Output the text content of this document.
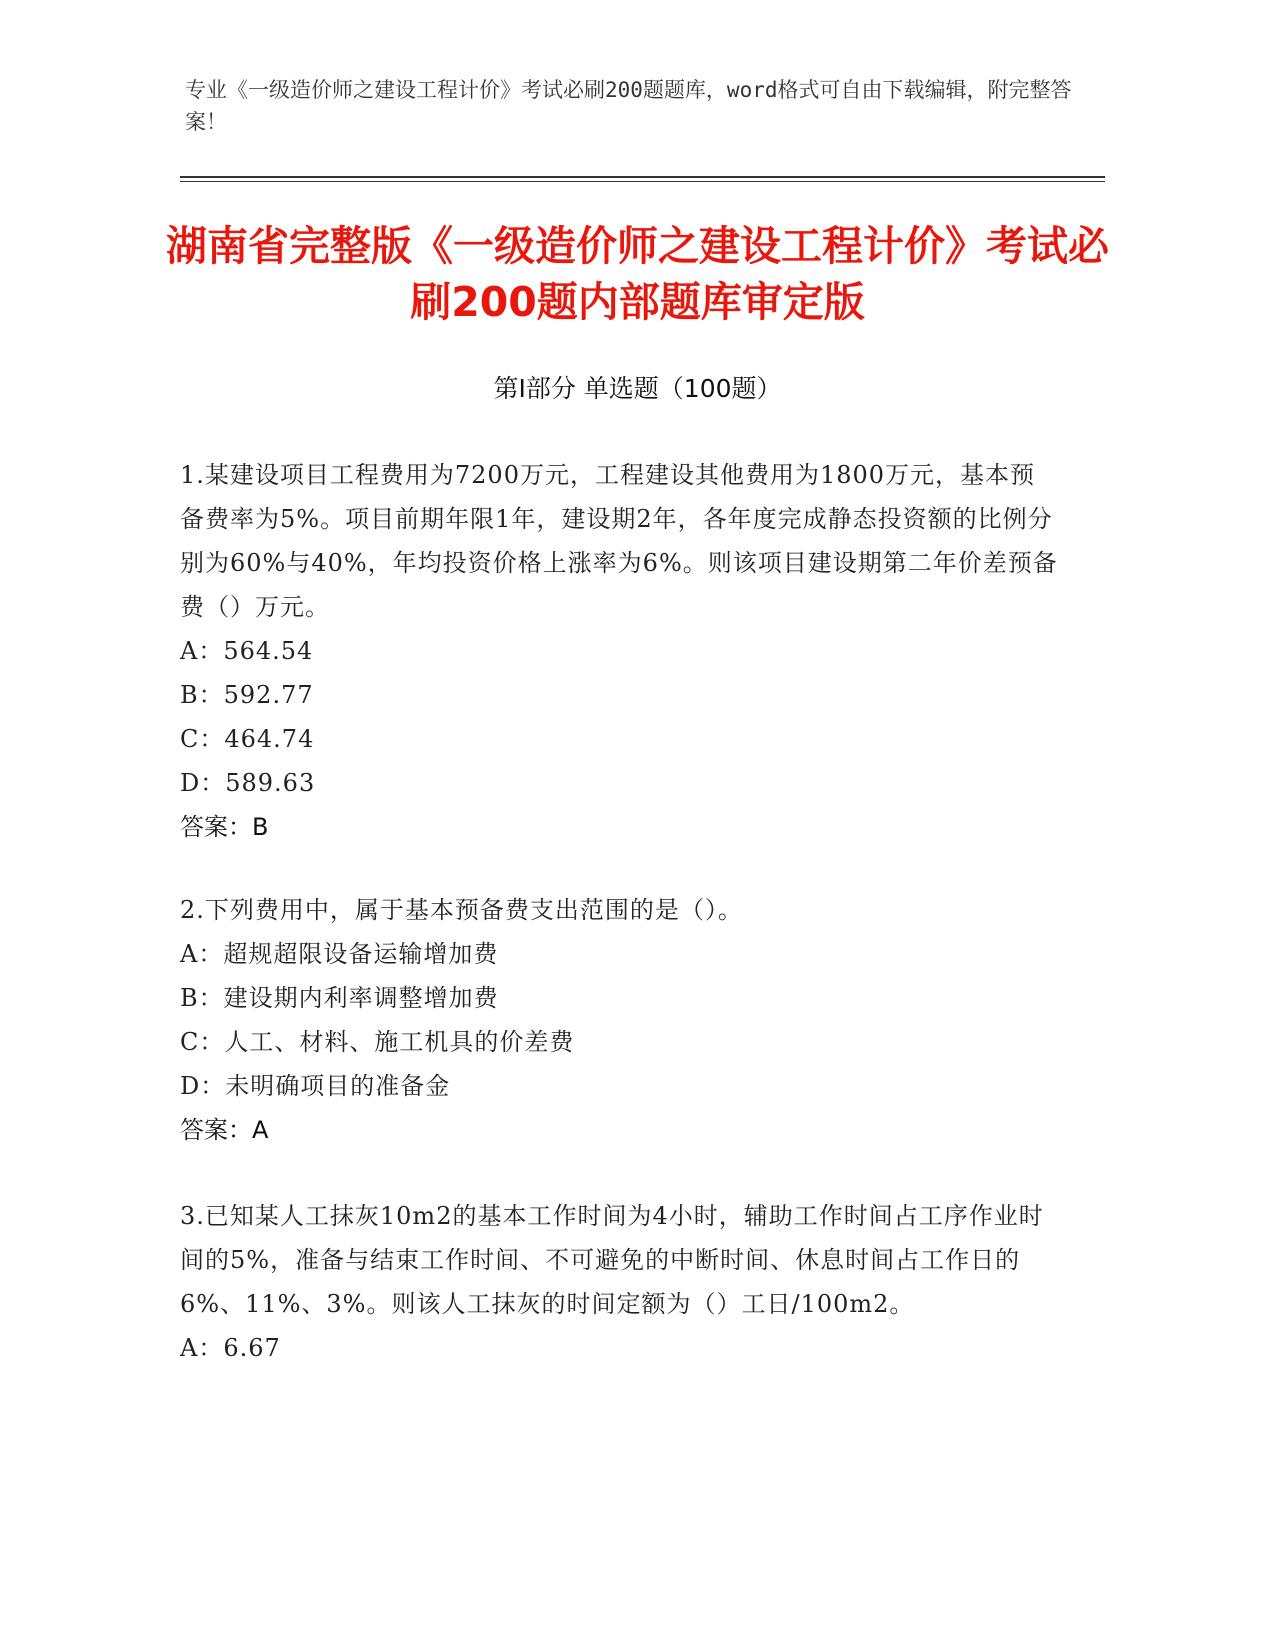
专业《一级造价师之建设工程计价》考试必刷200题题库，word格式可自由下载编辑，附完整答案！
湖南省完整版《一级造价师之建设工程计价》考试必刷200题内部题库审定版
第Ⅰ部分 单选题（100题）
1.某建设项目工程费用为7200万元，工程建设其他费用为1800万元，基本预备费率为5%。项目前期年限1年，建设期2年，各年度完成静态投资额的比例分别为60%与40%，年均投资价格上涨率为6%。则该项目建设期第二年价差预备费（）万元。
A：564.54
B：592.77
C：464.74
D：589.63
答案：B
2.下列费用中，属于基本预备费支出范围的是（）。
A：超规超限设备运输增加费
B：建设期内利率调整增加费
C：人工、材料、施工机具的价差费
D：未明确项目的准备金
答案：A
3.已知某人工抹灰10m2的基本工作时间为4小时，辅助工作时间占工序作业时间的5%，准备与结束工作时间、不可避免的中断时间、休息时间占工作日的6%、11%、3%。则该人工抹灰的时间定额为（）工日/100m2。
A：6.67
